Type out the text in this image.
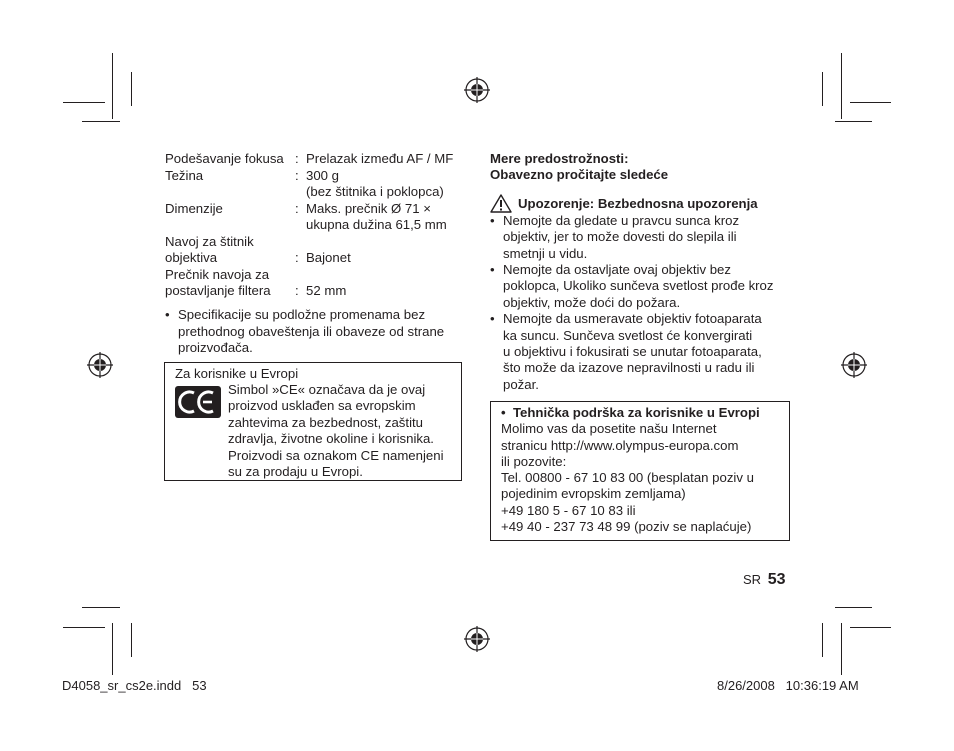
Podešavanje fokusa : Prelazak između AF / MF
Težina	: 300 g
(bez štitnika i poklopca)
Dimenzije	: Maks. prečnik Ø 71 ×
ukupna dužina 61,5 mm
Navoj za štitnik
objektiva	: Bajonet
Prečnik navoja za
postavljanje filtera	: 52 mm
• Specifikacije su podložne promenama bez
prethodnog obaveštenja ili obaveze od strane
proizvođača.
Za korisnike u Evropi
Simbol »CE« označava da je ovaj
proizvod usklađen sa evropskim
zahtevima za bezbednost, zaštitu
zdravlja, životne okoline i korisnika.
Proizvodi sa oznakom CE namenjeni
su za prodaju u Evropi.
Mere predostrožnosti:
Obavezno pročitajte sledeće
Upozorenje: Bezbednosna upozorenja
• Nemojte da gledate u pravcu sunca kroz
objektiv, jer to može dovesti do slepila ili
smetnji u vidu.
• Nemojte da ostavljate ovaj objektiv bez
poklopca, Ukoliko sunčeva svetlost prođe kroz
objektiv, može doći do požara.
• Nemojte da usmeravate objektiv fotoaparata
ka suncu. Sunčeva svetlost će konvergirati
u objektivu i fokusirati se unutar fotoaparata,
što može da izazove nepravilnosti u radu ili
požar.
• Tehnička podrška za korisnike u Evropi
Molimo vas da posetite našu Internet
stranicu http://www.olympus-europa.com
ili pozovite:
Tel. 00800 - 67 10 83 00 (besplatan poziv u
pojedinim evropskim zemljama)
+49 180 5 - 67 10 83 ili
+49 40 - 237 73 48 99 (poziv se naplaćuje)
SR 53
D4058_sr_cs2e.indd   53	8/26/2008   10:36:19 AM
